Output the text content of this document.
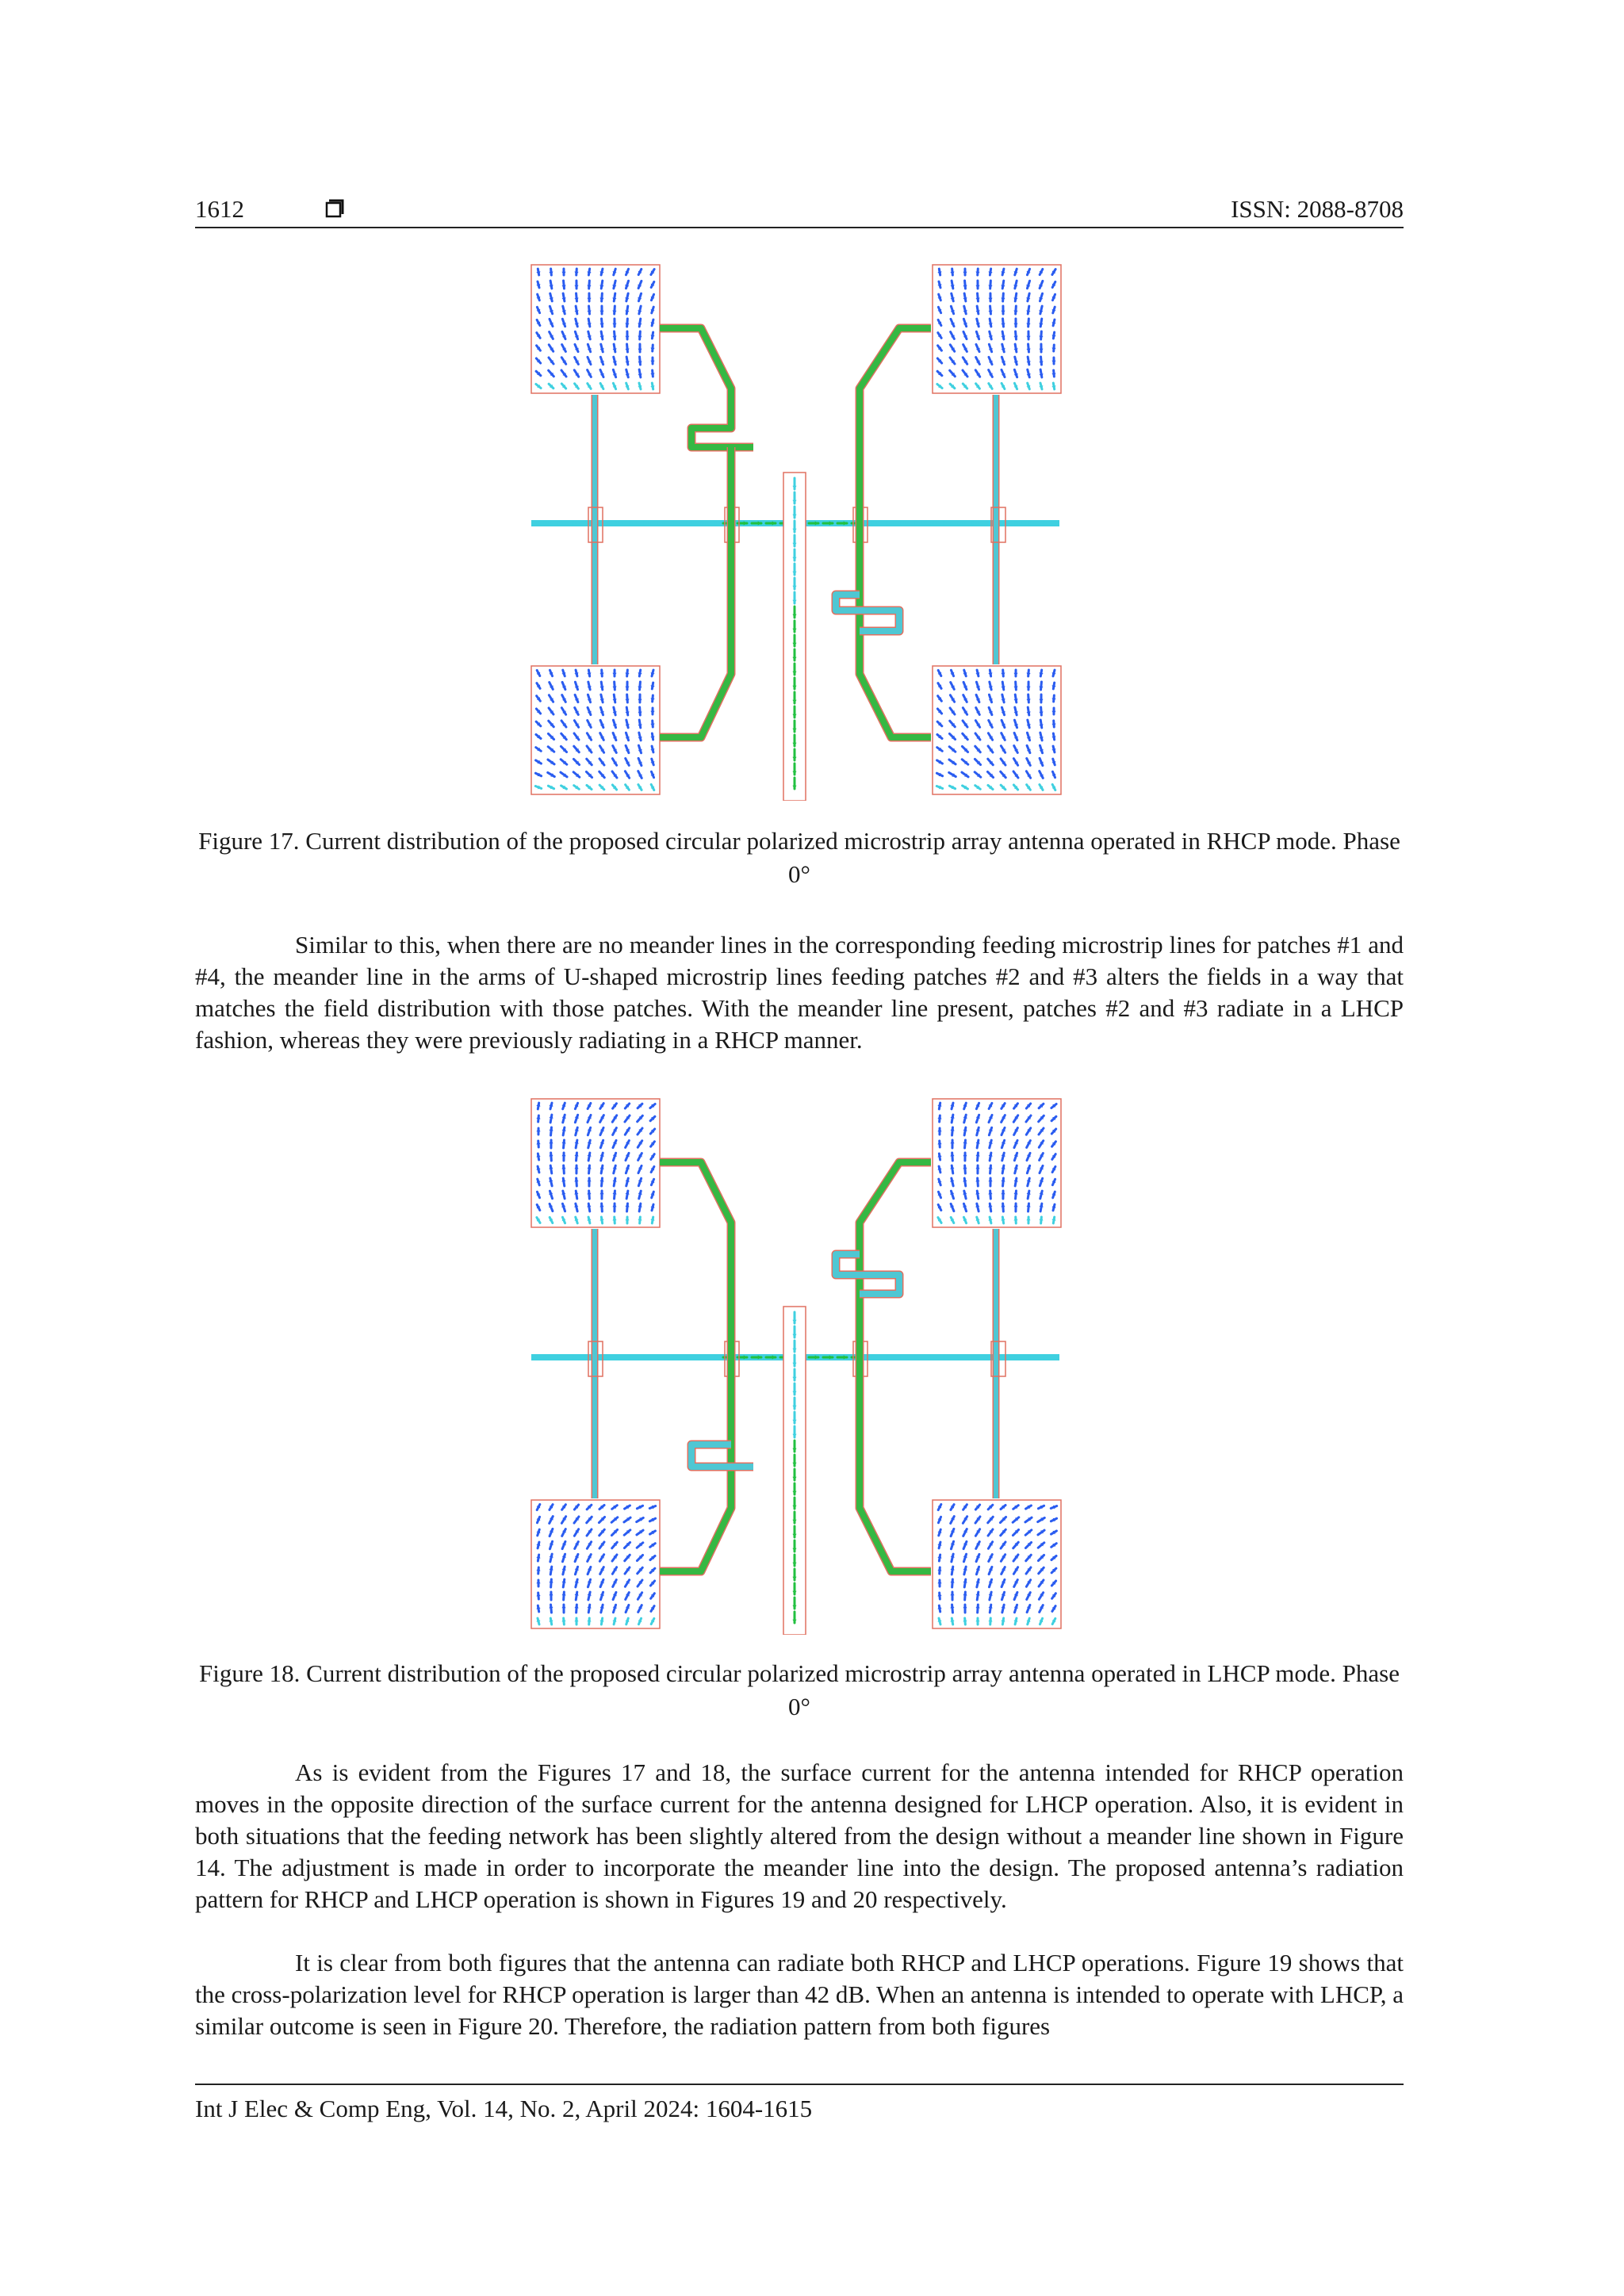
1612	ISSN: 2088-8708
Figure 17. Current distribution of the proposed circular polarized microstrip array antenna operated in RHCP mode. Phase 0°

Similar to this, when there are no meander lines in the corresponding feeding microstrip lines for patches #1 and #4, the meander line in the arms of U-shaped microstrip lines feeding patches #2 and #3 alters the fields in a way that matches the field distribution with those patches. With the meander line present, patches #2 and #3 radiate in a LHCP fashion, whereas they were previously radiating in a RHCP manner.

Figure 18. Current distribution of the proposed circular polarized microstrip array antenna operated in LHCP mode. Phase 0°

As is evident from the Figures 17 and 18, the surface current for the antenna intended for RHCP operation moves in the opposite direction of the surface current for the antenna designed for LHCP operation. Also, it is evident in both situations that the feeding network has been slightly altered from the design without a meander line shown in Figure 14. The adjustment is made in order to incorporate the meander line into the design. The proposed antenna’s radiation pattern for RHCP and LHCP operation is shown in Figures 19 and 20 respectively.

It is clear from both figures that the antenna can radiate both RHCP and LHCP operations. Figure 19 shows that the cross-polarization level for RHCP operation is larger than 42 dB. When an antenna is intended to operate with LHCP, a similar outcome is seen in Figure 20. Therefore, the radiation pattern from both figures

Int J Elec & Comp Eng, Vol. 14, No. 2, April 2024: 1604-1615
